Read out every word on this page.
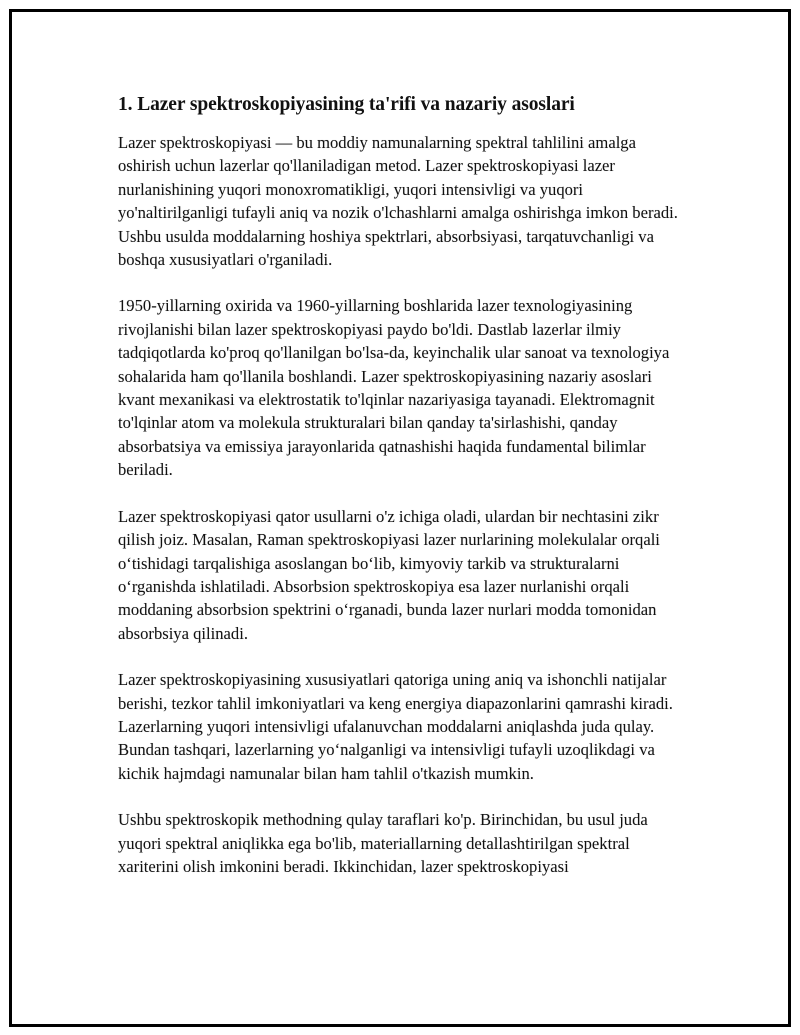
1. Lazer spektroskopiyasining ta'rifi va nazariy asoslari

Lazer spektroskopiyasi — bu moddiy namunalarning spektral tahlilini amalga oshirish uchun lazerlar qo'llaniladigan metod. Lazer spektroskopiyasi lazer nurlanishining yuqori monoxromatikligi, yuqori intensivligi va yuqori yo'naltirilganligi tufayli aniq va nozik o'lchashlarni amalga oshirishga imkon beradi. Ushbu usulda moddalarning hoshiya spektrlari, absorbsiyasi, tarqatuvchanligi va boshqa xususiyatlari o'rganiladi.

1950-yillarning oxirida va 1960-yillarning boshlarida lazer texnologiyasining rivojlanishi bilan lazer spektroskopiyasi paydo bo'ldi. Dastlab lazerlar ilmiy tadqiqotlarda ko'proq qo'llanilgan bo'lsa-da, keyinchalik ular sanoat va texnologiya sohalarida ham qo'llanila boshlandi. Lazer spektroskopiyasining nazariy asoslari kvant mexanikasi va elektrostatik to'lqinlar nazariyasiga tayanadi. Elektromagnit to'lqinlar atom va molekula strukturalari bilan qanday ta'sirlashishi, qanday absorbatsiya va emissiya jarayonlarida qatnashishi haqida fundamental bilimlar beriladi.

Lazer spektroskopiyasi qator usullarni o'z ichiga oladi, ulardan bir nechtasini zikr qilish joiz. Masalan, Raman spektroskopiyasi lazer nurlarining molekulalar orqali o‘tishidagi tarqalishiga asoslangan bo‘lib, kimyoviy tarkib va strukturalarni o‘rganishda ishlatiladi. Absorbsion spektroskopiya esa lazer nurlanishi orqali moddaning absorbsion spektrini o‘rganadi, bunda lazer nurlari modda tomonidan absorbsiya qilinadi.

Lazer spektroskopiyasining xususiyatlari qatoriga uning aniq va ishonchli natijalar berishi, tezkor tahlil imkoniyatlari va keng energiya diapazonlarini qamrashi kiradi. Lazerlarning yuqori intensivligi ufalanuvchan moddalarni aniqlashda juda qulay. Bundan tashqari, lazerlarning yo‘nalganligi va intensivligi tufayli uzoqlikdagi va kichik hajmdagi namunalar bilan ham tahlil o'tkazish mumkin.

Ushbu spektroskopik methodning qulay taraflari ko'p. Birinchidan, bu usul juda yuqori spektral aniqlikka ega bo'lib, materiallarning detallashtirilgan spektral xariterini olish imkonini beradi. Ikkinchidan, lazer spektroskopiyasi
